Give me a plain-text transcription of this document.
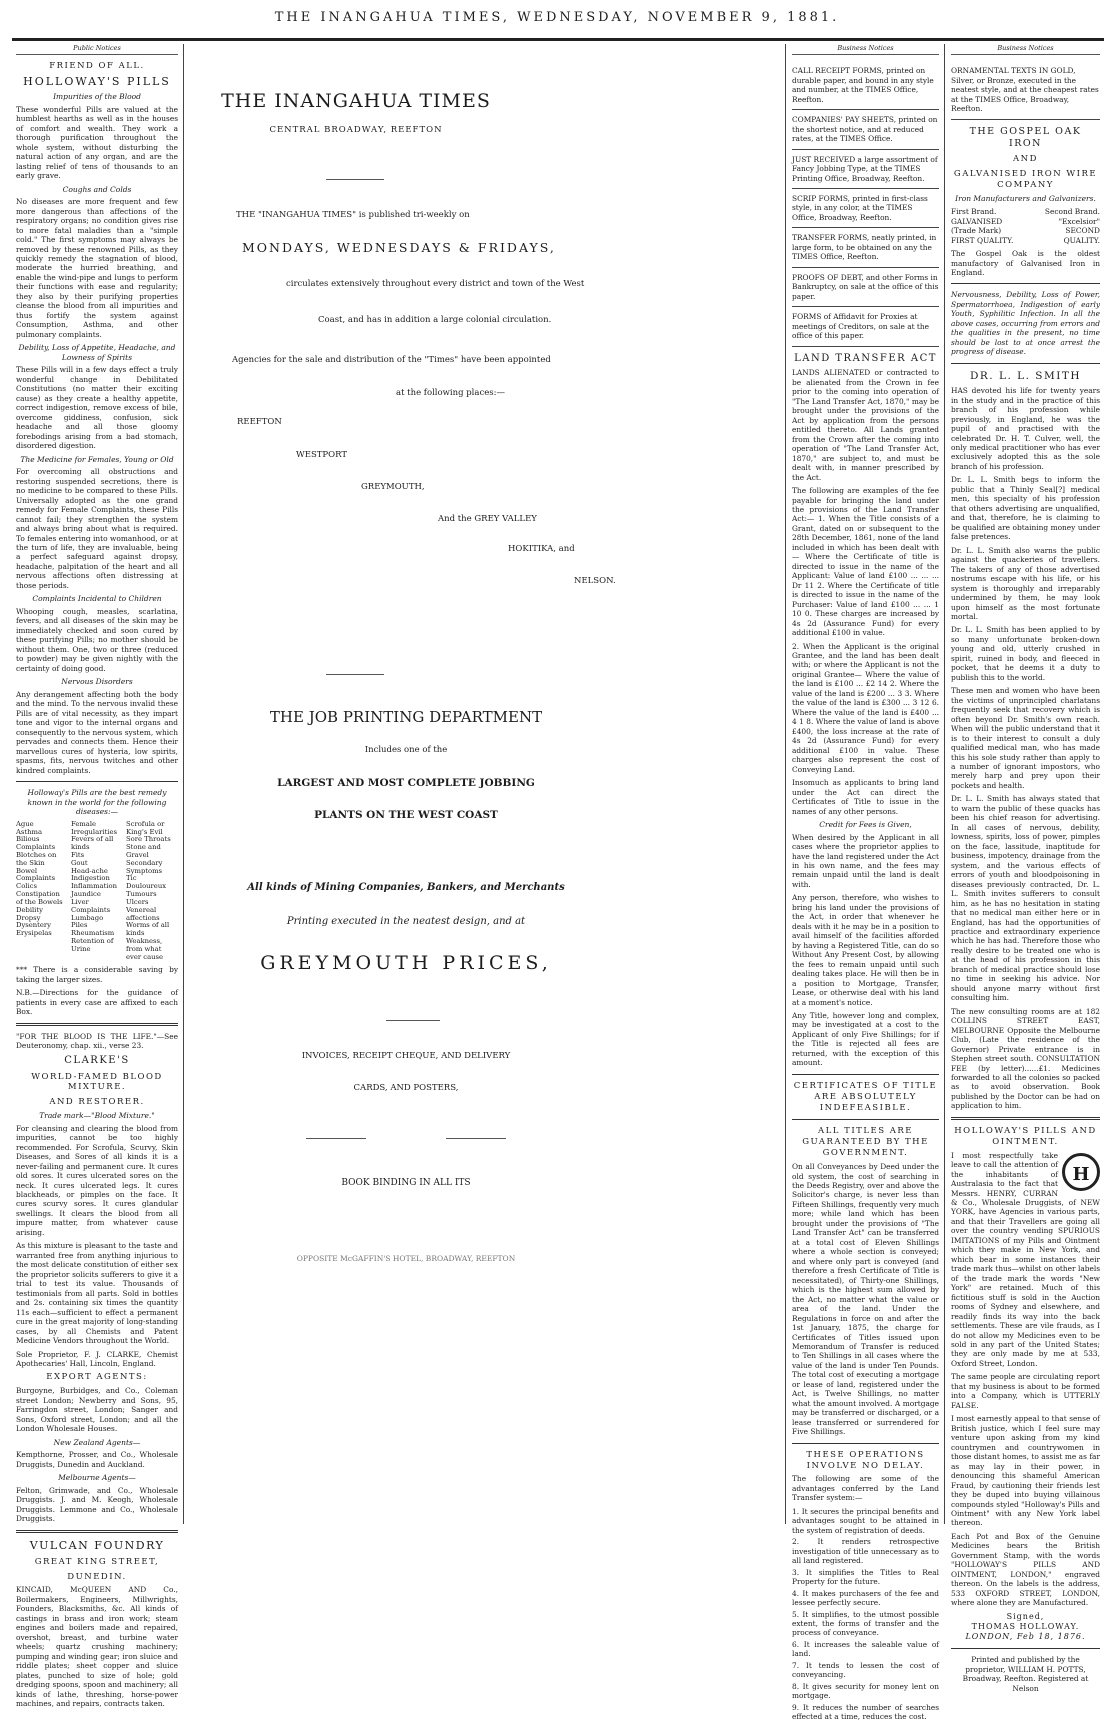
THE INANGAHUA TIMES, WEDNESDAY, NOVEMBER 9, 1881.
Public Notices
FRIEND OF ALL.
HOLLOWAY'S PILLS
Impurities of the Blood

These wonderful Pills are valued at the humblest hearths as well as in the houses of comfort and wealth. They work a thorough purification throughout the whole system, without disturbing the natural action of any organ, and are the lasting relief of tens of thousands to an early grave.

Coughs and Colds

No diseases are more frequent and few more dangerous than affections of the respiratory organs; no condition gives rise to more fatal maladies than a "simple cold." The first symptoms may always be removed by these renowned Pills, as they quickly remedy the stagnation of blood, moderate the hurried breathing, and enable the wind-pipe and lungs to perform their functions with ease and regularity; they also by their purifying properties cleanse the blood from all impurities and thus fortify the system against Consumption, Asthma, and other pulmonary complaints.

Debility, Loss of Appetite, Headache, and Lowness of Spirits

These Pills will in a few days effect a truly wonderful change in Debilitated Constitutions (no matter their exciting cause) as they create a healthy appetite, correct indigestion, remove excess of bile, overcome giddiness, confusion, sick headache and all those gloomy forebodings arising from a bad stomach, disordered digestion.

The Medicine for Females, Young or Old

For overcoming all obstructions and restoring suspended secretions, there is no medicine to be compared to these Pills. Universally adopted as the one grand remedy for Female Complaints, these Pills cannot fail; they strengthen the system and always bring about what is required. To females entering into womanhood, or at the turn of life, they are invaluable, being a perfect safeguard against dropsy, headache, palpitation of the heart and all nervous affections often distressing at those periods.

Complaints Incidental to Children

Whooping cough, measles, scarlatina, fevers, and all diseases of the skin may be immediately checked and soon cured by these purifying Pills; no mother should be without them. One, two or three (reduced to powder) may be given nightly with the certainty of doing good.

Nervous Disorders

Any derangement affecting both the body and the mind. To the nervous invalid these Pills are of vital necessity, as they impart tone and vigor to the internal organs and consequently to the nervous system, which pervades and connects them. Hence their marvellous cures of hysteria, low spirits, spasms, fits, nervous twitches and other kindred complaints.

Holloway's Pills are the best remedy known in the world for the following diseases:—
Ague
Asthma
Bilious Complaints
Blotches on the Skin
Bowel Complaints
Colics
Constipation of the Bowels
Debility
Dropsy
Dysentery
Erysipelas
Female Irregularities
Fevers of all kinds
Fits
Gout
Head-ache
Indigestion
Inflammation
Jaundice
Liver Complaints
Lumbago
Piles
Rheumatism
Retention of Urine
Scrofula or King's Evil
Sore Throats
Stone and Gravel
Secondary Symptoms
Tic Douloureux
Tumours
Ulcers
Venereal affections
Worms of all kinds
Weakness, from what ever cause

*** There is a considerable saving by taking the larger sizes.

N.B.—Directions for the guidance of patients in every case are affixed to each Box.

"FOR THE BLOOD IS THE LIFE."—See Deuteronomy, chap. xii., verse 23.

CLARKE'S
WORLD-FAMED BLOOD MIXTURE.
AND RESTORER.
Trade mark—"Blood Mixture."

For cleansing and clearing the blood from impurities, cannot be too highly recommended. For Scrofula, Scurvy, Skin Diseases, and Sores of all kinds it is a never-failing and permanent cure. It cures old sores. It cures ulcerated sores on the neck. It cures ulcerated legs. It cures blackheads, or pimples on the face. It cures scurvy sores. It cures glandular swellings. It clears the blood from all impure matter, from whatever cause arising.

As this mixture is pleasant to the taste and warranted free from anything injurious to the most delicate constitution of either sex the proprietor solicits sufferers to give it a trial to test its value. Thousands of testimonials from all parts. Sold in bottles and 2s. containing six times the quantity 11s each—sufficient to effect a permanent cure in the great majority of long-standing cases, by all Chemists and Patent Medicine Vendors throughout the World.

Sole Proprietor, F. J. CLARKE, Chemist Apothecaries' Hall, Lincoln, England.

EXPORT AGENTS:

Burgoyne, Burbidges, and Co., Coleman street London; Newberry and Sons, 95, Farringdon street, London; Sanger and Sons, Oxford street, London; and all the London Wholesale Houses.

New Zealand Agents—

Kempthorne, Prosser, and Co., Wholesale Druggists, Dunedin and Auckland.

Melbourne Agents—

Felton, Grimwade, and Co., Wholesale Druggists. J. and M. Keogh, Wholesale Druggists. Lemmone and Co., Wholesale Druggists.

VULCAN FOUNDRY
GREAT KING STREET,
DUNEDIN.

KINCAID, McQUEEN AND Co., Boilermakers, Engineers, Millwrights, Founders, Blacksmiths, &c. All kinds of castings in brass and iron work; steam engines and boilers made and repaired, overshot, breast, and turbine water wheels; quartz crushing machinery; pumping and winding gear; iron sluice and riddle plates; sheet copper and sluice plates, punched to size of hole; gold dredging spoons, spoon and machinery; all kinds of lathe, threshing, horse-power machines, and repairs, contracts taken.

THE INANGAHUA TIMES
CENTRAL BROADWAY, REEFTON
THE "INANGAHUA TIMES" is published tri-weekly on
MONDAYS, WEDNESDAYS & FRIDAYS,
circulates extensively throughout every district and town of the West
Coast, and has in addition a large colonial circulation.
Agencies for the sale and distribution of the "Times" have been appointed
at the following places:—
REEFTON
WESTPORT
GREYMOUTH,
And the GREY VALLEY
HOKITIKA, and
NELSON.
THE JOB PRINTING DEPARTMENT
Includes one of the
LARGEST AND MOST COMPLETE JOBBING
PLANTS ON THE WEST COAST
All kinds of Mining Companies, Bankers, and Merchants
Printing executed in the neatest design, and at
GREYMOUTH PRICES,
INVOICES, RECEIPT CHEQUE, AND DELIVERY
CARDS, AND POSTERS,
BOOK BINDING IN ALL ITS
OPPOSITE McGAFFIN'S HOTEL, BROADWAY, REEFTON
Business Notices
CALL RECEIPT FORMS, printed on durable paper, and bound in any style and number, at the TIMES Office, Reefton.
COMPANIES' PAY SHEETS, printed on the shortest notice, and at reduced rates, at the TIMES Office.
JUST RECEIVED a large assortment of Fancy Jobbing Type, at the TIMES Printing Office, Broadway, Reefton.
SCRIP FORMS, printed in first-class style, in any color, at the TIMES Office, Broadway, Reefton.
TRANSFER FORMS, neatly printed, in large form, to be obtained on any the TIMES Office, Reefton.
PROOFS OF DEBT, and other Forms in Bankruptcy, on sale at the office of this paper.
FORMS of Affidavit for Proxies at meetings of Creditors, on sale at the office of this paper.
LAND TRANSFER ACT

LANDS ALIENATED or contracted to be alienated from the Crown in fee prior to the coming into operation of "The Land Transfer Act, 1870," may be brought under the provisions of the Act by application from the persons entitled thereto. All Lands granted from the Crown after the coming into operation of "The Land Transfer Act, 1870," are subject to, and must be dealt with, in manner prescribed by the Act.

The following are examples of the fee payable for bringing the land under the provisions of the Land Transfer Act:— 1. When the Title consists of a Grant, dated on or subsequent to the 28th December, 1861, none of the land included in which has been dealt with— Where the Certificate of title is directed to issue in the name of the Applicant: Value of land £100 ... ... ... Dr 11 2. Where the Certificate of title is directed to issue in the name of the Purchaser: Value of land £100 ... ... 1 10 0. These charges are increased by 4s 2d (Assurance Fund) for every additional £100 in value.

2. When the Applicant is the original Grantee, and the land has been dealt with; or where the Applicant is not the original Grantee— Where the value of the land is £100 ... £2 14 2. Where the value of the land is £200 ... 3 3. Where the value of the land is £300 ... 3 12 6. Where the value of the land is £400 ... 4 1 8. Where the value of land is above £400, the loss increase at the rate of 4s 2d (Assurance Fund) for every additional £100 in value. These charges also represent the cost of Conveying Land.

Insomuch as applicants to bring land under the Act can direct the Certificates of Title to issue in the names of any other persons.

Credit for Fees is Given,

When desired by the Applicant in all cases where the proprietor applies to have the land registered under the Act in his own name, and the fees may remain unpaid until the land is dealt with.

Any person, therefore, who wishes to bring his land under the provisions of the Act, in order that whenever he deals with it he may be in a position to avail himself of the facilities afforded by having a Registered Title, can do so Without Any Present Cost, by allowing the fees to remain unpaid until such dealing takes place. He will then be in a position to Mortgage, Transfer, Lease, or otherwise deal with his land at a moment's notice.

Any Title, however long and complex, may be investigated at a cost to the Applicant of only Five Shillings; for if the Title is rejected all fees are returned, with the exception of this amount.

CERTIFICATES OF TITLE ARE ABSOLUTELY INDEFEASIBLE.
ALL TITLES ARE GUARANTEED BY THE GOVERNMENT.

On all Conveyances by Deed under the old system, the cost of searching in the Deeds Registry, over and above the Solicitor's charge, is never less than Fifteen Shillings, frequently very much more; while land which has been brought under the provisions of "The Land Transfer Act" can be transferred at a total cost of Eleven Shillings where a whole section is conveyed; and where only part is conveyed (and therefore a fresh Certificate of Title is necessitated), of Thirty-one Shillings, which is the highest sum allowed by the Act, no matter what the value or area of the land. Under the Regulations in force on and after the 1st January, 1875, the charge for Certificates of Titles issued upon Memorandum of Transfer is reduced to Ten Shillings in all cases where the value of the land is under Ten Pounds. The total cost of executing a mortgage or lease of land, registered under the Act, is Twelve Shillings, no matter what the amount involved. A mortgage may be transferred or discharged, or a lease transferred or surrendered for Five Shillings.

THESE OPERATIONS INVOLVE NO DELAY.

The following are some of the advantages conferred by the Land Transfer system:—

1. It secures the principal benefits and advantages sought to be attained in the system of registration of deeds.

2. It renders retrospective investigation of title unnecessary as to all land registered.

3. It simplifies the Titles to Real Property for the future.

4. It makes purchasers of the fee and lessee perfectly secure.

5. It simplifies, to the utmost possible extent, the forms of transfer and the process of conveyance.

6. It increases the saleable value of land.

7. It tends to lessen the cost of conveyancing.

8. It gives security for money lent on mortgage.

9. It reduces the number of searches effected at a time, reduces the cost.

Business Notices
ORNAMENTAL TEXTS IN GOLD, Silver, or Bronze, executed in the neatest style, and at the cheapest rates at the TIMES Office, Broadway, Reefton.
THE GOSPEL OAK IRON
AND
GALVANISED IRON WIRE COMPANY
Iron Manufacturers and Galvanizers.
First Brand. GALVANISED (Trade Mark) FIRST QUALITY.
Second Brand. "Excelsior" SECOND QUALITY.

The Gospel Oak is the oldest manufactory of Galvanised Iron in England.

Nervousness, Debility, Loss of Power, Spermatorrhoea, Indigestion of early Youth, Syphilitic Infection. In all the above cases, occurring from errors and the qualities in the present, no time should be lost to at once arrest the progress of disease.

DR. L. L. SMITH

HAS devoted his life for twenty years in the study and in the practice of this branch of his profession while previously, in England, he was the pupil of and practised with the celebrated Dr. H. T. Culver, well, the only medical practitioner who has ever exclusively adopted this as the sole branch of his profession.

Dr. L. L. Smith begs to inform the public that a Thinly Seal[?] medical men, this specialty of his profession that others advertising are unqualified, and that, therefore, he is claiming to be qualified are obtaining money under false pretences.

Dr. L. L. Smith also warns the public against the quackeries of travellers. The takers of any of those advertised nostrums escape with his life, or his system is thoroughly and irreparably undermined by them, he may look upon himself as the most fortunate mortal.

Dr. L. L. Smith has been applied to by so many unfortunate broken-down young and old, utterly crushed in spirit, ruined in body, and fleeced in pocket, that he deems it a duty to publish this to the world.

These men and women who have been the victims of unprincipled charlatans frequently seek that recovery which is often beyond Dr. Smith's own reach. When will the public understand that it is to their interest to consult a duly qualified medical man, who has made this his sole study rather than apply to a number of ignorant impostors, who merely harp and prey upon their pockets and health.

Dr. L. L. Smith has always stated that to warn the public of these quacks has been his chief reason for advertising. In all cases of nervous, debility, lowness, spirits, loss of power, pimples on the face, lassitude, inaptitude for business, impotency, drainage from the system, and the various effects of errors of youth and bloodpoisoning in diseases previously contracted, Dr. L. L. Smith invites sufferers to consult him, as he has no hesitation in stating that no medical man either here or in England, has had the opportunities of practice and extraordinary experience which he has had. Therefore those who really desire to be treated one who is at the head of his profession in this branch of medical practice should lose no time in seeking his advice. Nor should anyone marry without first consulting him.

The new consulting rooms are at 182 COLLINS STREET EAST, MELBOURNE Opposite the Melbourne Club, (Late the residence of the Governor) Private entrance is in Stephen street south. CONSULTATION FEE (by letter)......£1. Medicines forwarded to all the colonies so packed as to avoid observation. Book published by the Doctor can be had on application to him.

HOLLOWAY'S PILLS AND OINTMENT.
H

I most respectfully take leave to call the attention of the inhabitants of Australasia to the fact that Messrs. HENRY, CURRAN & Co., Wholesale Druggists, of NEW YORK, have Agencies in various parts, and that their Travellers are going all over the country vending SPURIOUS IMITATIONS of my Pills and Ointment which they make in New York, and which bear in some instances their trade mark thus—whilst on other labels of the trade mark the words "New York" are retained. Much of this fictitious stuff is sold in the Auction rooms of Sydney and elsewhere, and readily finds its way into the back settlements. These are vile frauds, as I do not allow my Medicines even to be sold in any part of the United States; they are only made by me at 533, Oxford Street, London.

The same people are circulating report that my business is about to be formed into a Company, which is UTTERLY FALSE.

I most earnestly appeal to that sense of British justice, which I feel sure may venture upon asking from my kind countrymen and countrywomen in those distant homes, to assist me as far as may lay in their power, in denouncing this shameful American Fraud, by cautioning their friends lest they be duped into buying villainous compounds styled "Holloway's Pills and Ointment" with any New York label thereon.

Each Pot and Box of the Genuine Medicines bears the British Government Stamp, with the words "HOLLOWAY'S PILLS AND OINTMENT, LONDON," engraved thereon. On the labels is the address, 533 OXFORD STREET, LONDON, where alone they are Manufactured.

Signed,
THOMAS HOLLOWAY.
LONDON, Feb 18, 1876.

Printed and published by the proprietor, WILLIAM H. POTTS, Broadway, Reefton. Registered at Nelson
